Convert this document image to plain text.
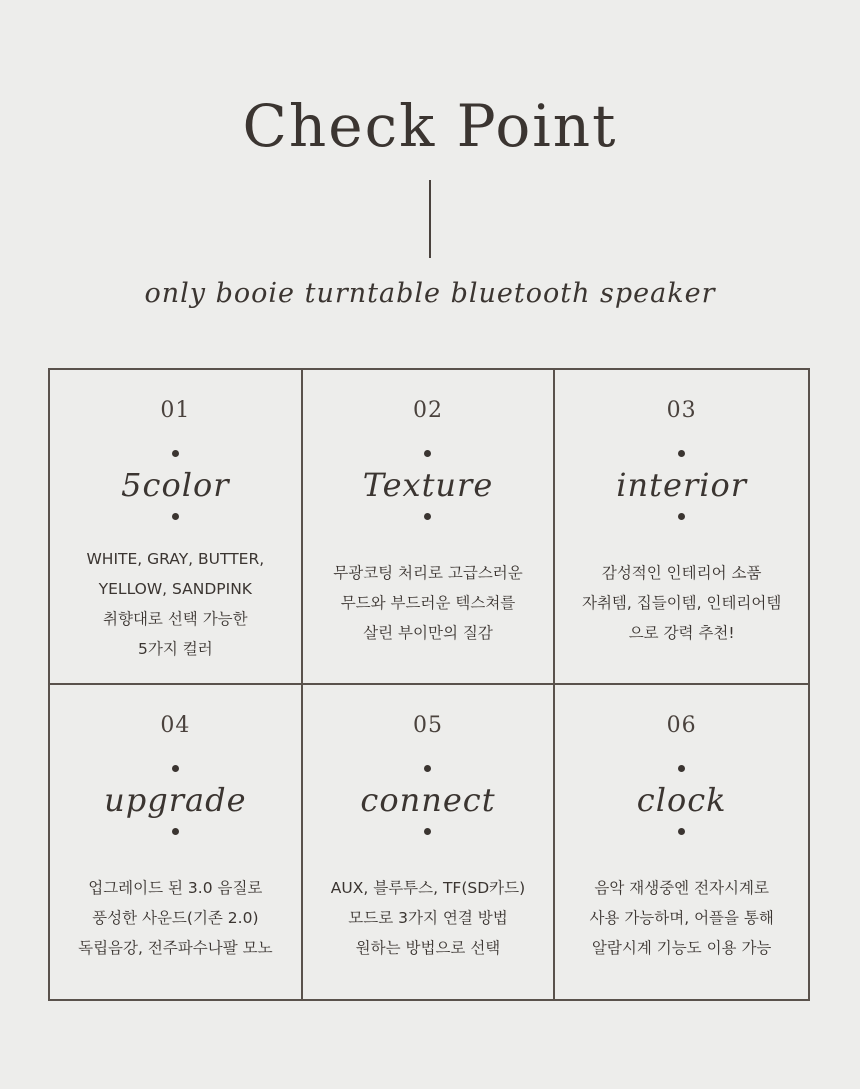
Check Point
only booie turntable bluetooth speaker
01
5color
WHITE, GRAY, BUTTER,
YELLOW, SANDPINK
취향대로 선택 가능한
5가지 컬러
02
Texture
무광코팅 처리로 고급스러운
무드와 부드러운 텍스쳐를
살린 부이만의 질감
03
interior
감성적인 인테리어 소품
자취템, 집들이템, 인테리어템
으로 강력 추천!
04
upgrade
업그레이드 된 3.0 음질로
풍성한 사운드(기존 2.0)
독립음강, 전주파수나팔 모노
05
connect
AUX, 블루투스, TF(SD카드)
모드로 3가지 연결 방법
원하는 방법으로 선택
06
clock
음악 재생중엔 전자시계로
사용 가능하며, 어플을 통해
알람시계 기능도 이용 가능
